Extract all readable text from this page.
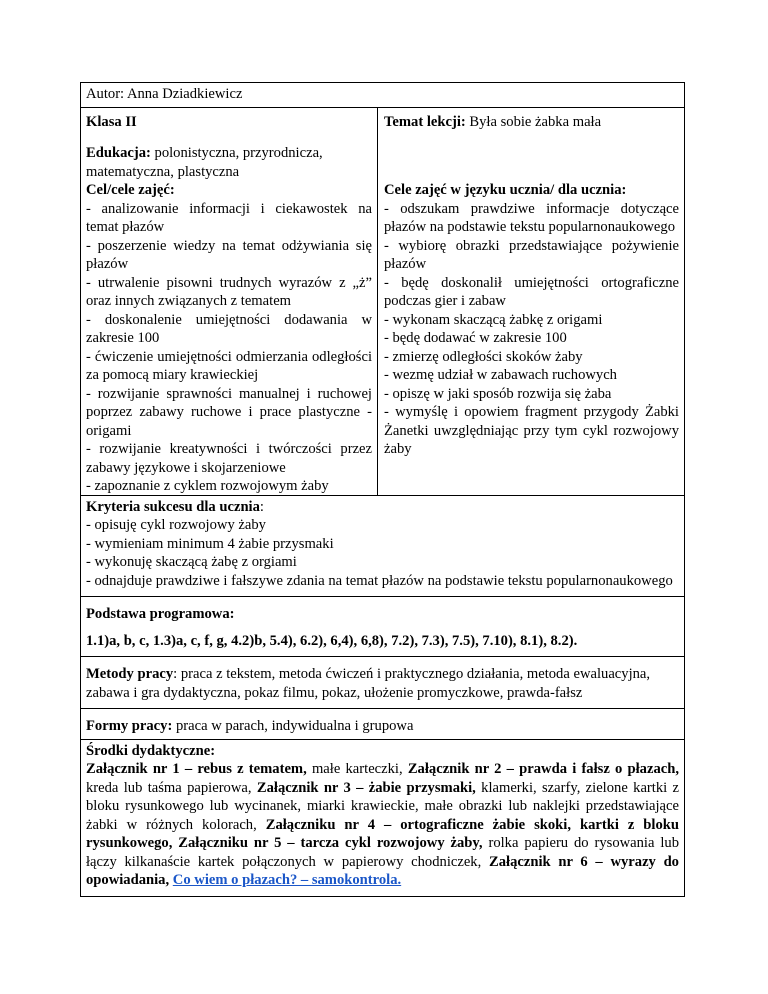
Autor: Anna Dziadkiewicz

Klasa II

Edukacja: polonistyczna, przyrodnicza, matematyczna, plastyczna

Cel/cele zajęć:

- analizowanie informacji i ciekawostek na temat płazów

- poszerzenie wiedzy na temat odżywiania się płazów

- utrwalenie pisowni trudnych wyrazów z „ż” oraz innych związanych z tematem

- doskonalenie umiejętności dodawania w zakresie 100

- ćwiczenie umiejętności odmierzania odległości za pomocą miary krawieckiej

- rozwijanie sprawności manualnej i ruchowej poprzez zabawy ruchowe i prace plastyczne - origami

- rozwijanie kreatywności i twórczości przez zabawy językowe i skojarzeniowe

- zapoznanie z cyklem rozwojowym żaby

Temat lekcji: Była sobie żabka mała

Cele zajęć w języku ucznia/ dla ucznia:

- odszukam prawdziwe informacje dotyczące płazów na podstawie tekstu popularnonaukowego

- wybiorę obrazki przedstawiające pożywienie płazów

- będę doskonalił umiejętności ortograficzne podczas gier i zabaw

- wykonam skaczącą żabkę z origami

- będę dodawać w zakresie 100

- zmierzę odległości skoków żaby

- wezmę udział w zabawach ruchowych

- opiszę w jaki sposób rozwija się żaba

- wymyślę i opowiem fragment przygody Żabki Żanetki uwzględniając przy tym cykl rozwojowy żaby

Kryteria sukcesu dla ucznia:

- opisuję cykl rozwojowy żaby

- wymieniam minimum 4 żabie przysmaki

- wykonuję skaczącą żabę z orgiami

- odnajduje prawdziwe i fałszywe zdania na temat płazów na podstawie tekstu popularnonaukowego

Podstawa programowa:

1.1)a, b, c, 1.3)a, c, f, g, 4.2)b, 5.4), 6.2), 6,4), 6,8), 7.2), 7.3), 7.5), 7.10), 8.1), 8.2).

Metody pracy: praca z tekstem, metoda ćwiczeń i praktycznego działania, metoda ewaluacyjna, zabawa i gra dydaktyczna, pokaz filmu, pokaz, ułożenie promyczkowe, prawda-fałsz

Formy pracy: praca w parach, indywidualna i grupowa

Środki dydaktyczne:

Załącznik nr 1 – rebus z tematem, małe karteczki, Załącznik nr 2 – prawda i fałsz o płazach, kreda lub taśma papierowa, Załącznik nr 3 – żabie przysmaki, klamerki, szarfy, zielone kartki z bloku rysunkowego lub wycinanek, miarki krawieckie, małe obrazki lub naklejki przedstawiające żabki w różnych kolorach, Załączniku nr 4 – ortograficzne żabie skoki, kartki z bloku rysunkowego, Załączniku nr 5 – tarcza cykl rozwojowy żaby, rolka papieru do rysowania lub łączy kilkanaście kartek połączonych w papierowy chodniczek, Załącznik nr 6 – wyrazy do opowiadania, Co wiem o płazach? – samokontrola.
